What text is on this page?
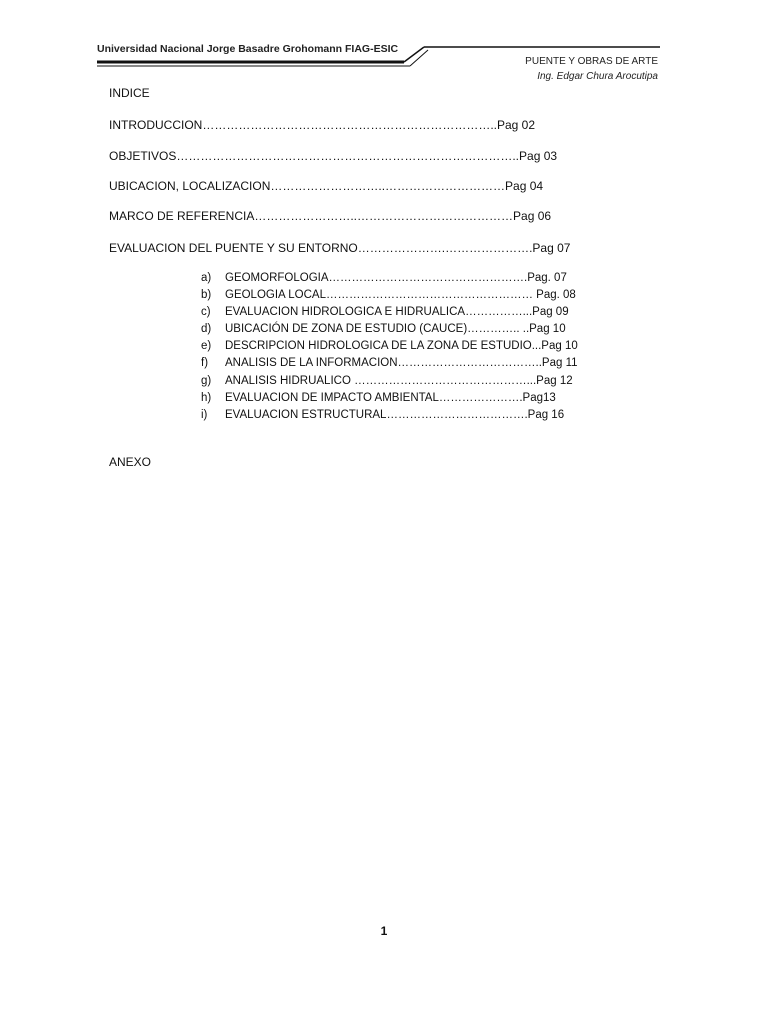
Universidad Nacional Jorge Basadre Grohomann FIAG-ESIC
PUENTE Y OBRAS DE ARTE
Ing. Edgar Chura Arocutipa
INDICE
INTRODUCCION………………………………………………………………..Pag 02
OBJETIVOS…………………………………………………………………………..Pag 03
UBICACION, LOCALIZACION………………………..…………………………Pag 04
MARCO DE REFERENCIA……………………..…………………………………Pag 06
EVALUACION DEL PUENTE Y SU ENTORNO………………….………………….Pag 07
a)	GEOMORFOLOGIA…………………………………………….Pag. 07
b)	GEOLOGIA LOCAL……………………………………………… Pag. 08
c)	EVALUACION HIDROLOGICA E HIDRUALICA……………...Pag 09
d)	UBICACIÓN DE ZONA DE ESTUDIO (CAUCE)………….. ..Pag 10
e)	DESCRIPCION HIDROLOGICA DE LA ZONA DE ESTUDIO...Pag 10
f)	ANALISIS DE LA INFORMACION………………………………..Pag 11
g)	ANALISIS HIDRUALICO ………………………………………...Pag 12
h)	EVALUACION DE IMPACTO AMBIENTAL………………….Pag13
i)	EVALUACION ESTRUCTURAL……………………………….Pag 16
ANEXO
1
